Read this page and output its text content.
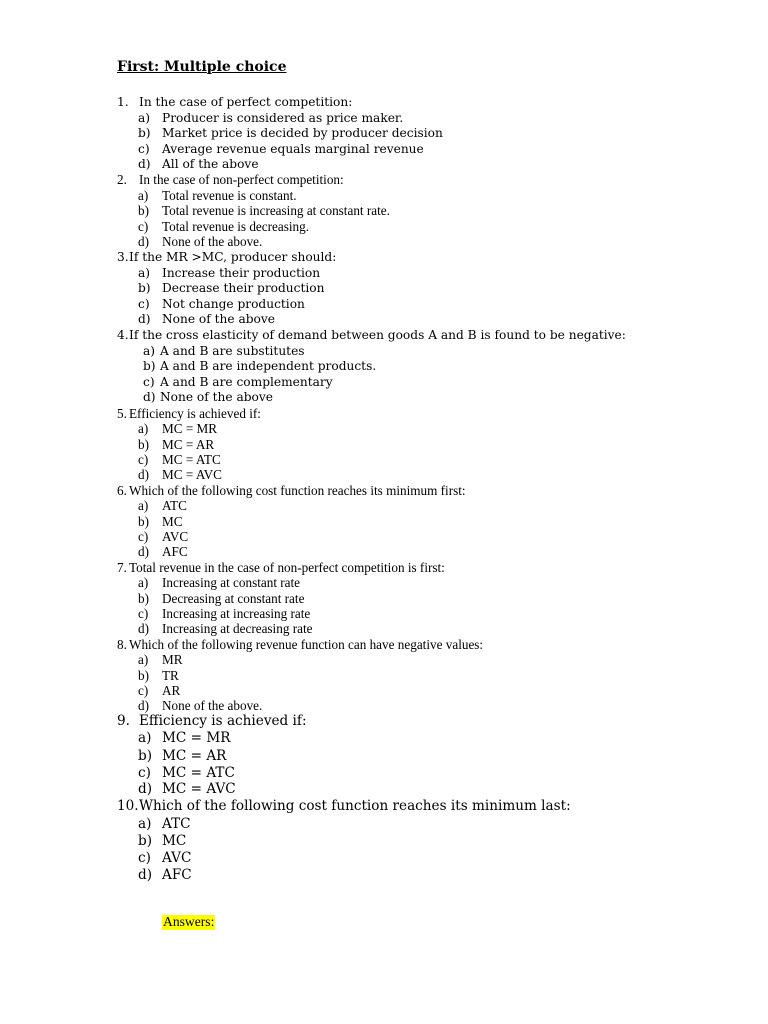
First: Multiple choice
1. In the case of perfect competition:
a) Producer is considered as price maker.
b) Market price is decided by producer decision
c) Average revenue equals marginal revenue
d) All of the above
2. In the case of non-perfect competition:
a) Total revenue is constant.
b) Total revenue is increasing at constant rate.
c) Total revenue is decreasing.
d) None of the above.
3.If the MR >MC, producer should:
a) Increase their production
b) Decrease their production
c) Not change production
d) None of the above
4.If the cross elasticity of demand between goods A and B is found to be negative:
a) A and B are substitutes
b) A and B are independent products.
c) A and B are complementary
d) None of the above
5. Efficiency is achieved if:
a) MC = MR
b) MC = AR
c) MC = ATC
d) MC = AVC
6. Which of the following cost function reaches its minimum first:
a) ATC
b) MC
c) AVC
d) AFC
7. Total revenue in the case of non-perfect competition is first:
a) Increasing at constant rate
b) Decreasing at constant rate
c) Increasing at increasing rate
d) Increasing at decreasing rate
8. Which of the following revenue function can have negative values:
a) MR
b) TR
c) AR
d) None of the above.
9. Efficiency is achieved if:
a) MC = MR
b) MC = AR
c) MC = ATC
d) MC = AVC
10.Which of the following cost function reaches its minimum last:
a) ATC
b) MC
c) AVC
d) AFC
Answers:
